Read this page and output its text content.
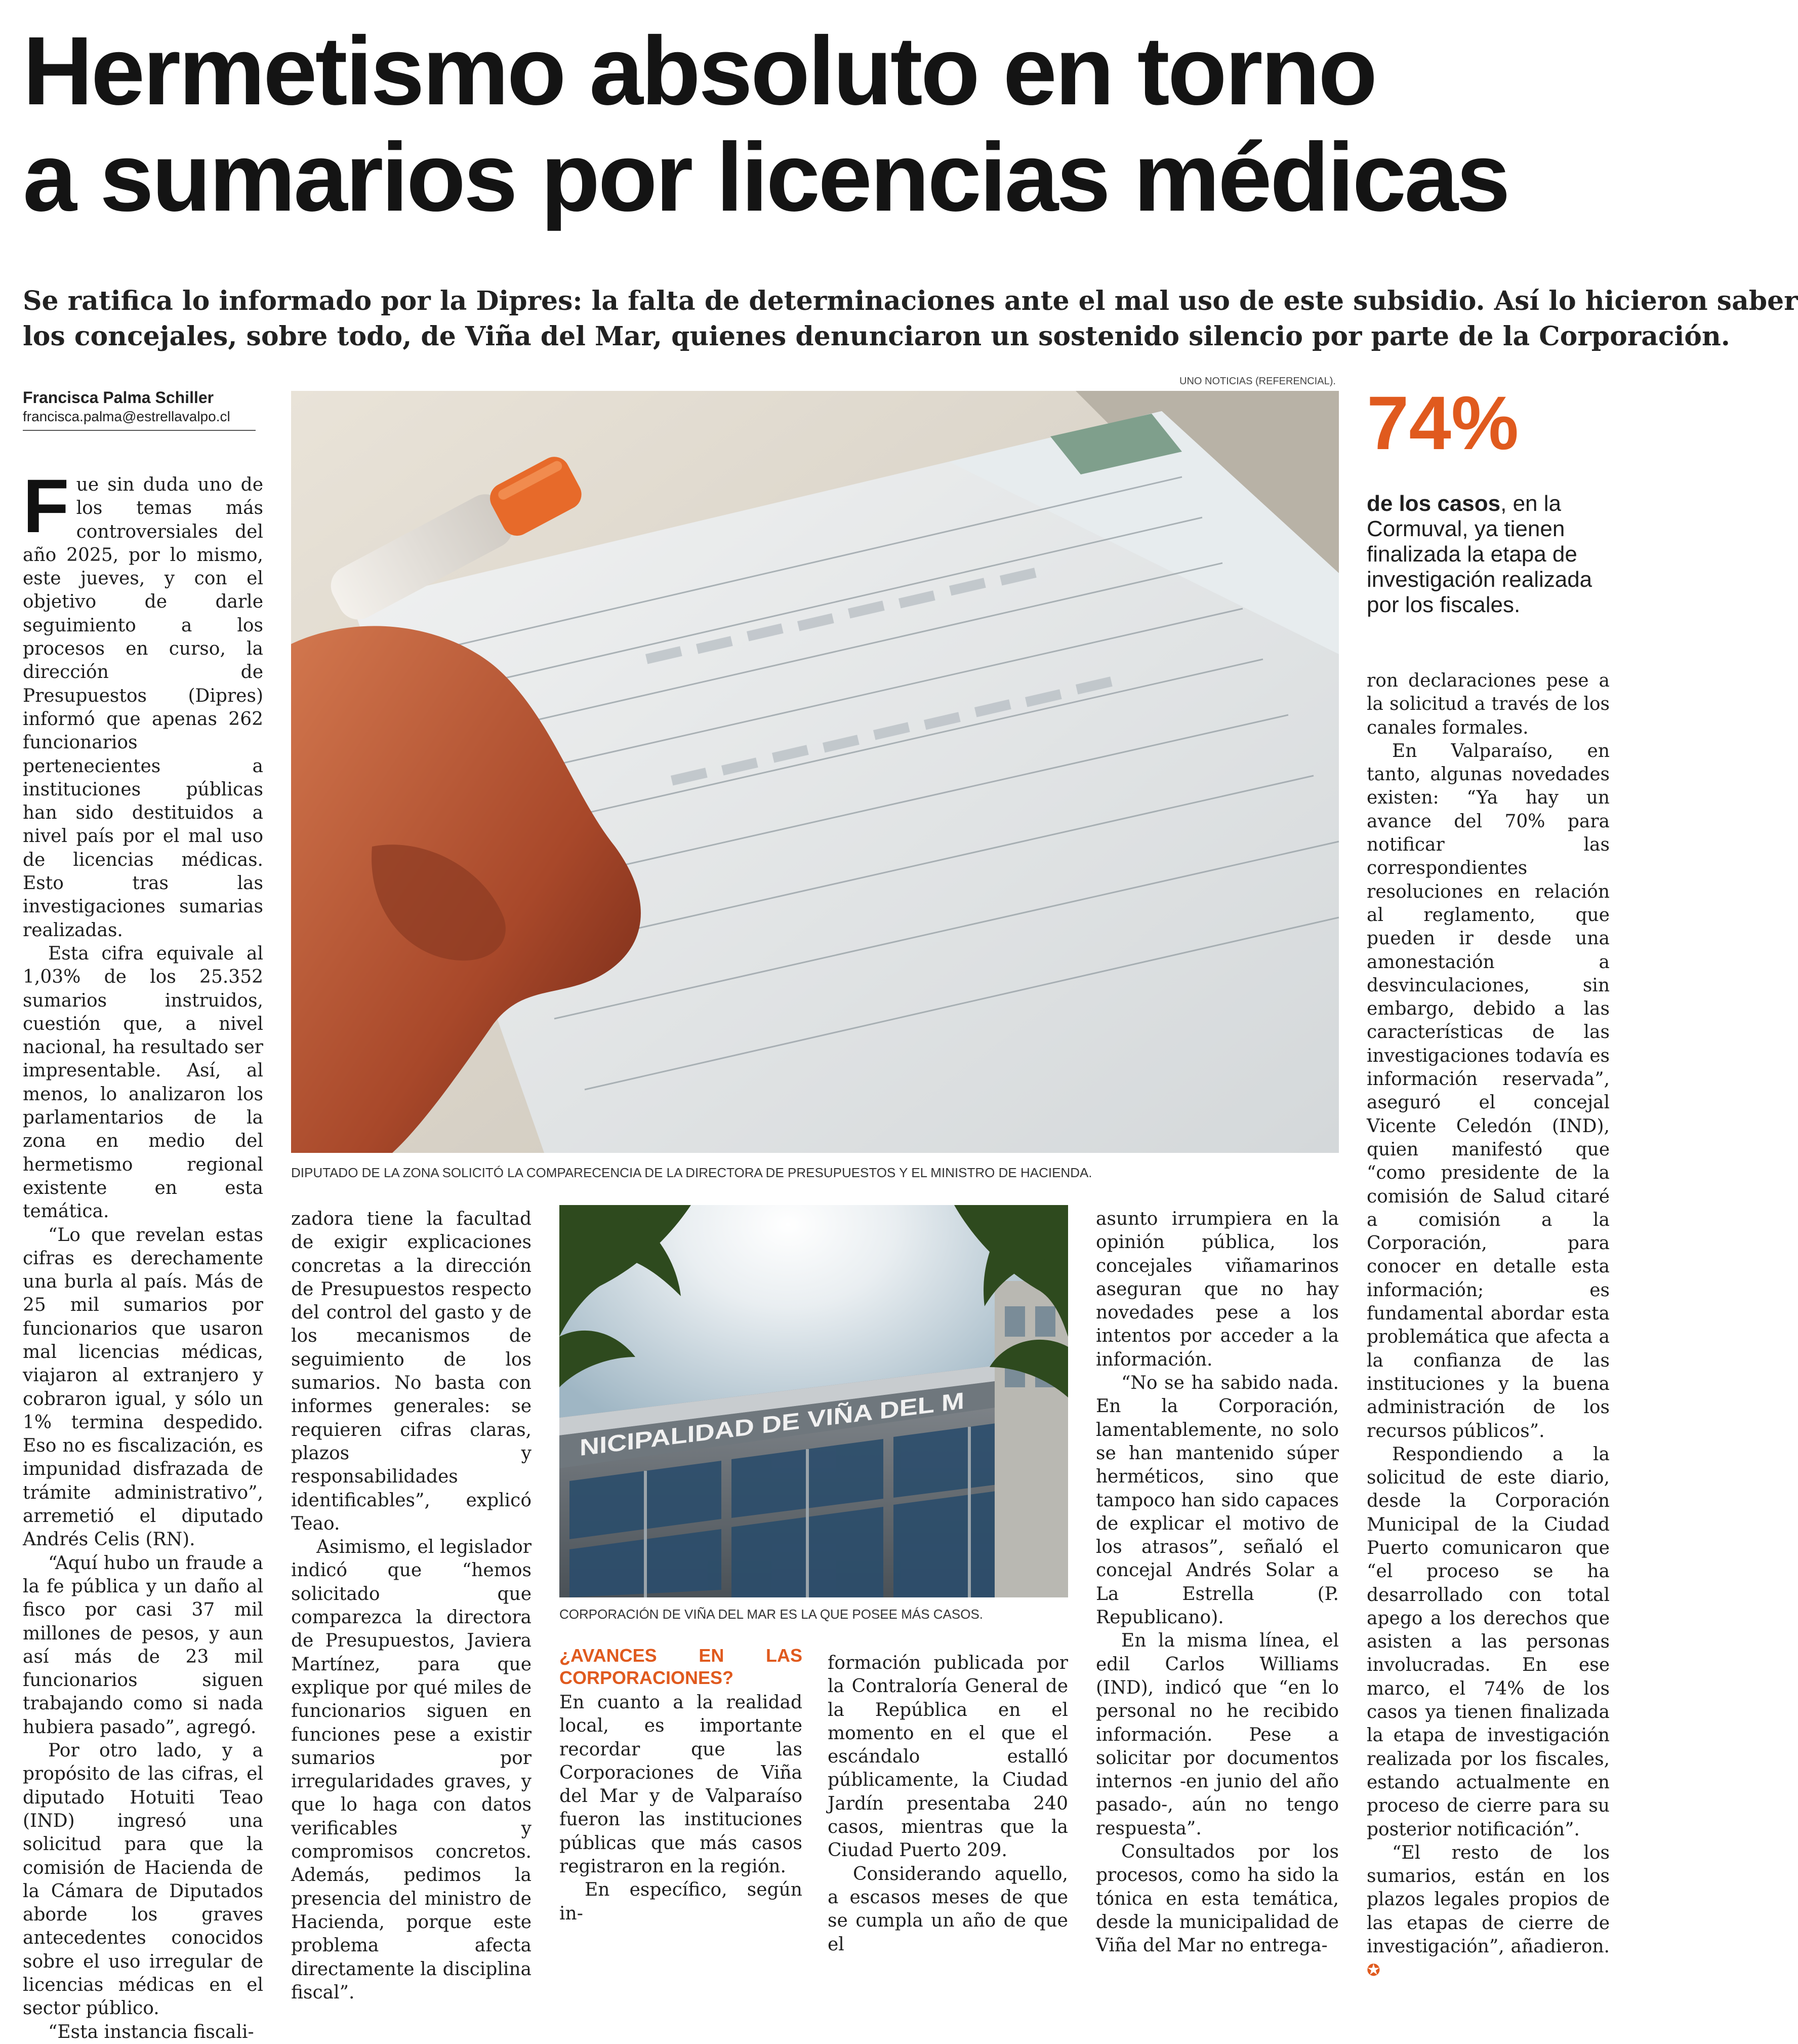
Hermetismo absoluto en torno
a sumarios por licencias médicas
Se ratifica lo informado por la Dipres: la falta de determinaciones ante el mal uso de este subsidio. Así lo hicieron saber
los concejales, sobre todo, de Viña del Mar, quienes denunciaron un sostenido silencio por parte de la Corporación.
Francisca Palma Schiller
francisca.palma@estrellavalpo.cl
UNO NOTICIAS (REFERENCIAL).
DIPUTADO DE LA ZONA SOLICITÓ LA COMPARECENCIA DE LA DIRECTORA DE PRESUPUESTOS Y EL MINISTRO DE HACIENDA.
74%
de los casos, en la Cormuval, ya tienen finalizada la etapa de investigación realizada por los fiscales.
NICIPALIDAD DE VIÑA DEL M
CORPORACIÓN DE VIÑA DEL MAR ES LA QUE POSEE MÁS CASOS.

Fue sin duda uno de los temas más controversiales del año 2025, por lo mismo, este jueves, y con el objetivo de darle seguimiento a los procesos en curso, la dirección de Presupuestos (Dipres) informó que apenas 262 funcionarios pertenecientes a instituciones públicas han sido destituidos a nivel país por el mal uso de licencias médicas. Esto tras las investigaciones sumarias realizadas.

Esta cifra equivale al 1,03% de los 25.352 sumarios instruidos, cuestión que, a nivel nacional, ha resultado ser impresentable. Así, al menos, lo analizaron los parlamentarios de la zona en medio del hermetismo regional existente en esta temática.

“Lo que revelan estas cifras es derechamente una burla al país. Más de 25 mil sumarios por funcionarios que usaron mal licencias médicas, viajaron al extranjero y cobraron igual, y sólo un 1% termina despedido. Eso no es fiscalización, es impunidad disfrazada de trámite administrativo”, arremetió el diputado Andrés Celis (RN).

“Aquí hubo un fraude a la fe pública y un daño al fisco por casi 37 mil millones de pesos, y aun así más de 23 mil funcionarios siguen trabajando como si nada hubiera pasado”, agregó.

Por otro lado, y a propósito de las cifras, el diputado Hotuiti Teao (IND) ingresó una solicitud para que la comisión de Hacienda de la Cámara de Diputados aborde los graves antecedentes conocidos sobre el uso irregular de licencias médicas en el sector público.

“Esta instancia fiscali-

zadora tiene la facultad de exigir explicaciones concretas a la dirección de Presupuestos respecto del control del gasto y de los mecanismos de seguimiento de los sumarios. No basta con informes generales: se requieren cifras claras, plazos y responsabilidades identificables”, explicó Teao.

Asimismo, el legislador indicó que “hemos solicitado que comparezca la directora de Presupuestos, Javiera Martínez, para que explique por qué miles de funcionarios siguen en funciones pese a existir sumarios por irregularidades graves, y que lo haga con datos verificables y compromisos concretos. Además, pedimos la presencia del ministro de Hacienda, porque este problema afecta directamente la disciplina fiscal”.

¿AVANCES EN LAS CORPORACIONES?

En cuanto a la realidad local, es importante recordar que las Corporaciones de Viña del Mar y de Valparaíso fueron las instituciones públicas que más casos registraron en la región.

En específico, según in-

formación publicada por la Contraloría General de la República en el momento en el que el escándalo estalló públicamente, la Ciudad Jardín presentaba 240 casos, mientras que la Ciudad Puerto 209.

Considerando aquello, a escasos meses de que se cumpla un año de que el

asunto irrumpiera en la opinión pública, los concejales viñamarinos aseguran que no hay novedades pese a los intentos por acceder a la información.

“No se ha sabido nada. En la Corporación, lamentablemente, no solo se han mantenido súper herméticos, sino que tampoco han sido capaces de explicar el motivo de los atrasos”, señaló el concejal Andrés Solar a La Estrella (P. Republicano).

En la misma línea, el edil Carlos Williams (IND), indicó que “en lo personal no he recibido información. Pese a solicitar por documentos internos -en junio del año pasado-, aún no tengo respuesta”.

Consultados por los procesos, como ha sido la tónica en esta temática, desde la municipalidad de Viña del Mar no entrega-

ron declaraciones pese a la solicitud a través de los canales formales.

En Valparaíso, en tanto, algunas novedades existen: “Ya hay un avance del 70% para notificar las correspondientes resoluciones en relación al reglamento, que pueden ir desde una amonestación a desvinculaciones, sin embargo, debido a las características de las investigaciones todavía es información reservada”, aseguró el concejal Vicente Celedón (IND), quien manifestó que “como presidente de la comisión de Salud citaré a comisión a la Corporación, para conocer en detalle esta información; es fundamental abordar esta problemática que afecta a la confianza de las instituciones y la buena administración de los recursos públicos”.

Respondiendo a la solicitud de este diario, desde la Corporación Municipal de la Ciudad Puerto comunicaron que “el proceso se ha desarrollado con total apego a los derechos que asisten a las personas involucradas. En ese marco, el 74% de los casos ya tienen finalizada la etapa de investigación realizada por los fiscales, estando actualmente en proceso de cierre para su posterior notificación”.

“El resto de los sumarios, están en los plazos legales propios de las etapas de cierre de investigación”, añadieron. ✪
